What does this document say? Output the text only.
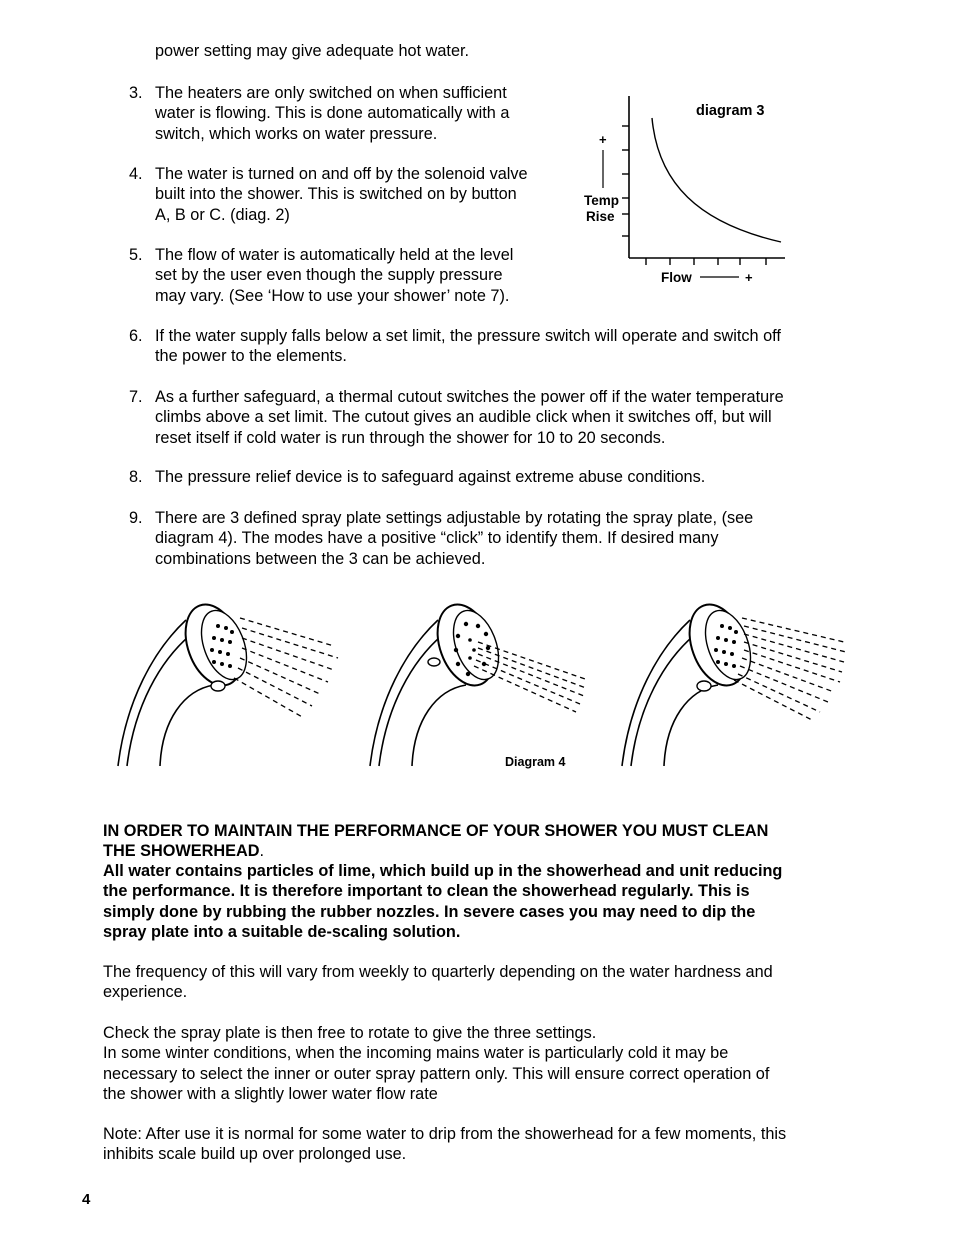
power setting may give adequate hot water.
3. The heaters are only switched on when sufficient
water is flowing. This is done automatically with a
switch, which works on water pressure.
4. The water is turned on and off by the solenoid valve
built into the shower. This is switched on by button
A, B or C. (diag. 2)
5. The flow of water is automatically held at the level
set by the user even though the supply pressure
may vary. (See ‘How to use your shower’ note 7).
6. If the water supply falls below a set limit, the pressure switch will operate and switch off
the power to the elements.
7. As a further safeguard, a thermal cutout switches the power off if the water temperature
climbs above a set limit. The cutout gives an audible click when it switches off, but will
reset itself if cold water is run through the shower for 10 to 20 seconds.
8. The pressure relief device is to safeguard against extreme abuse conditions.
9. There are 3 defined spray plate settings adjustable by rotating the spray plate, (see
diagram 4). The modes have a positive “click” to identify them. If desired many
combinations between the 3 can be achieved.
+
Temp
Rise
diagram 3
Flow	+
Diagram 4
IN ORDER TO MAINTAIN THE PERFORMANCE OF YOUR SHOWER YOU MUST CLEAN
THE SHOWERHEAD.
All water contains particles of lime, which build up in the showerhead and unit reducing
the performance. It is therefore important to clean the showerhead regularly. This is
simply done by rubbing the rubber nozzles. In severe cases you may need to dip the
spray plate into a suitable de-scaling solution.
The frequency of this will vary from weekly to quarterly depending on the water hardness and
experience.
Check the spray plate is then free to rotate to give the three settings.
In some winter conditions, when the incoming mains water is particularly cold it may be
necessary to select the inner or outer spray pattern only. This will ensure correct operation of
the shower with a slightly lower water flow rate
Note: After use it is normal for some water to drip from the showerhead for a few moments, this
inhibits scale build up over prolonged use.
4
